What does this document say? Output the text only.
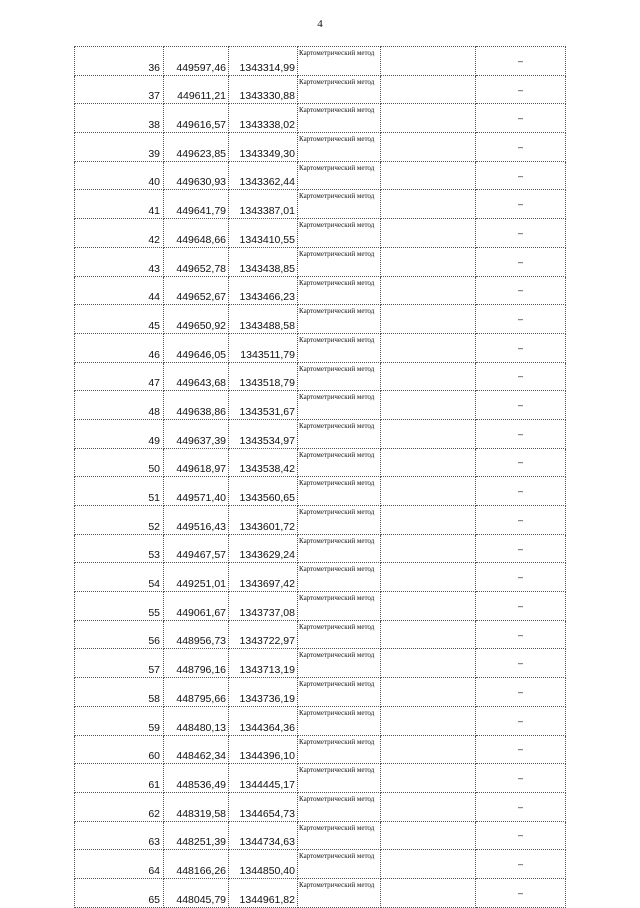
4
36	449597,46	1343314,99	Картометрический метод		–
37	449611,21	1343330,88	Картометрический метод		–
38	449616,57	1343338,02	Картометрический метод		–
39	449623,85	1343349,30	Картометрический метод		–
40	449630,93	1343362,44	Картометрический метод		–
41	449641,79	1343387,01	Картометрический метод		–
42	449648,66	1343410,55	Картометрический метод		–
43	449652,78	1343438,85	Картометрический метод		–
44	449652,67	1343466,23	Картометрический метод		–
45	449650,92	1343488,58	Картометрический метод		–
46	449646,05	1343511,79	Картометрический метод		–
47	449643,68	1343518,79	Картометрический метод		–
48	449638,86	1343531,67	Картометрический метод		–
49	449637,39	1343534,97	Картометрический метод		–
50	449618,97	1343538,42	Картометрический метод		–
51	449571,40	1343560,65	Картометрический метод		–
52	449516,43	1343601,72	Картометрический метод		–
53	449467,57	1343629,24	Картометрический метод		–
54	449251,01	1343697,42	Картометрический метод		–
55	449061,67	1343737,08	Картометрический метод		–
56	448956,73	1343722,97	Картометрический метод		–
57	448796,16	1343713,19	Картометрический метод		–
58	448795,66	1343736,19	Картометрический метод		–
59	448480,13	1344364,36	Картометрический метод		–
60	448462,34	1344396,10	Картометрический метод		–
61	448536,49	1344445,17	Картометрический метод		–
62	448319,58	1344654,73	Картометрический метод		–
63	448251,39	1344734,63	Картометрический метод		–
64	448166,26	1344850,40	Картометрический метод		–
65	448045,79	1344961,82	Картометрический метод		–
